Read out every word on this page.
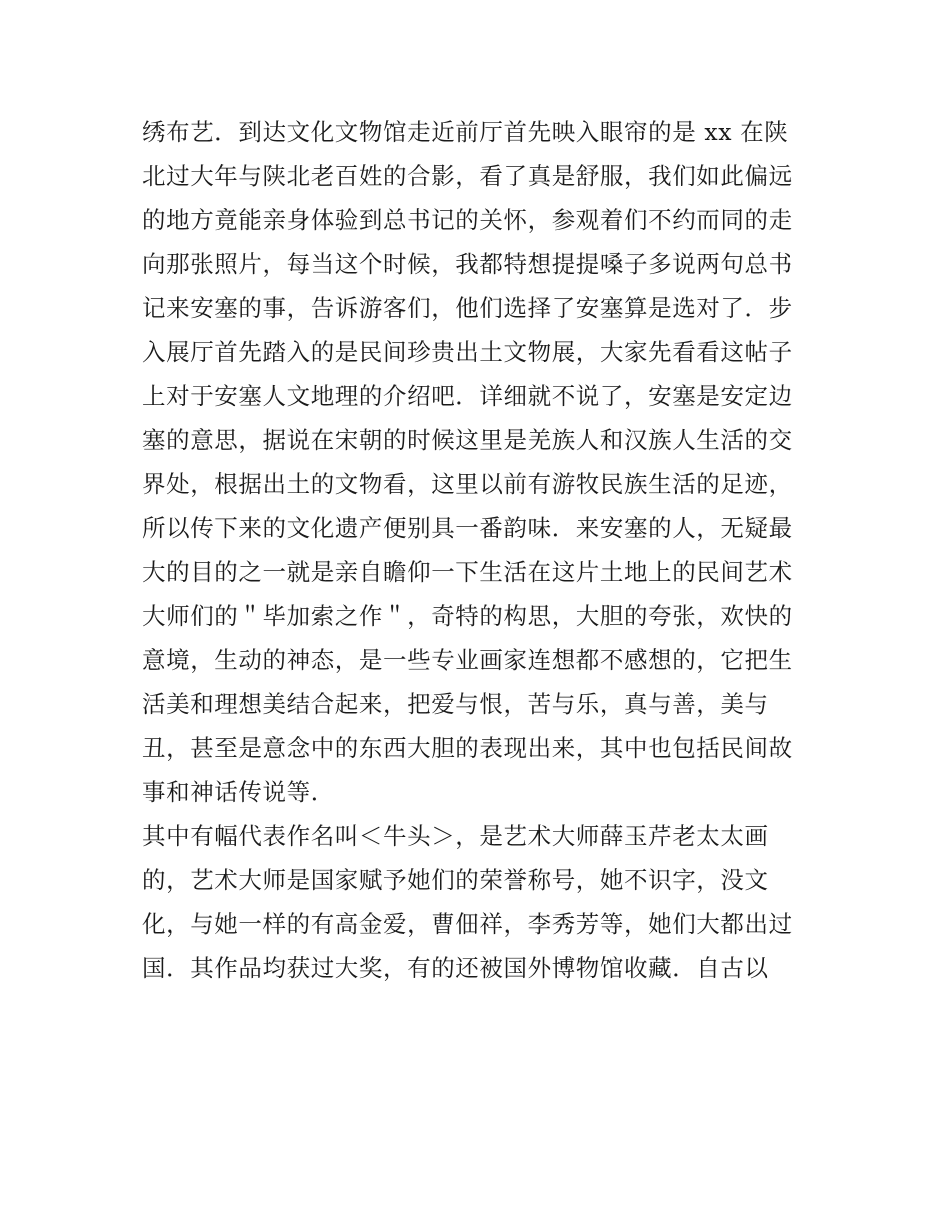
绣布艺．到达文化文物馆走近前厅首先映入眼帘的是 xx 在陕
北过大年与陕北老百姓的合影，看了真是舒服，我们如此偏远
的地方竟能亲身体验到总书记的关怀，参观着们不约而同的走
向那张照片，每当这个时候，我都特想提提嗓子多说两句总书
记来安塞的事，告诉游客们，他们选择了安塞算是选对了．步
入展厅首先踏入的是民间珍贵出土文物展，大家先看看这帖子
上对于安塞人文地理的介绍吧．详细就不说了，安塞是安定边
塞的意思，据说在宋朝的时候这里是羌族人和汉族人生活的交
界处，根据出土的文物看，这里以前有游牧民族生活的足迹，
所以传下来的文化遗产便别具一番韵味．来安塞的人，无疑最
大的目的之一就是亲自瞻仰一下生活在这片土地上的民间艺术
大师们的＂毕加索之作＂，奇特的构思，大胆的夸张，欢快的
意境，生动的神态，是一些专业画家连想都不感想的，它把生
活美和理想美结合起来，把爱与恨，苦与乐，真与善，美与
丑，甚至是意念中的东西大胆的表现出来，其中也包括民间故
事和神话传说等．
其中有幅代表作名叫＜牛头＞，是艺术大师薛玉芹老太太画
的，艺术大师是国家赋予她们的荣誉称号，她不识字，没文
化，与她一样的有高金爱，曹佃祥，李秀芳等，她们大都出过
国．其作品均获过大奖，有的还被国外博物馆收藏．自古以
